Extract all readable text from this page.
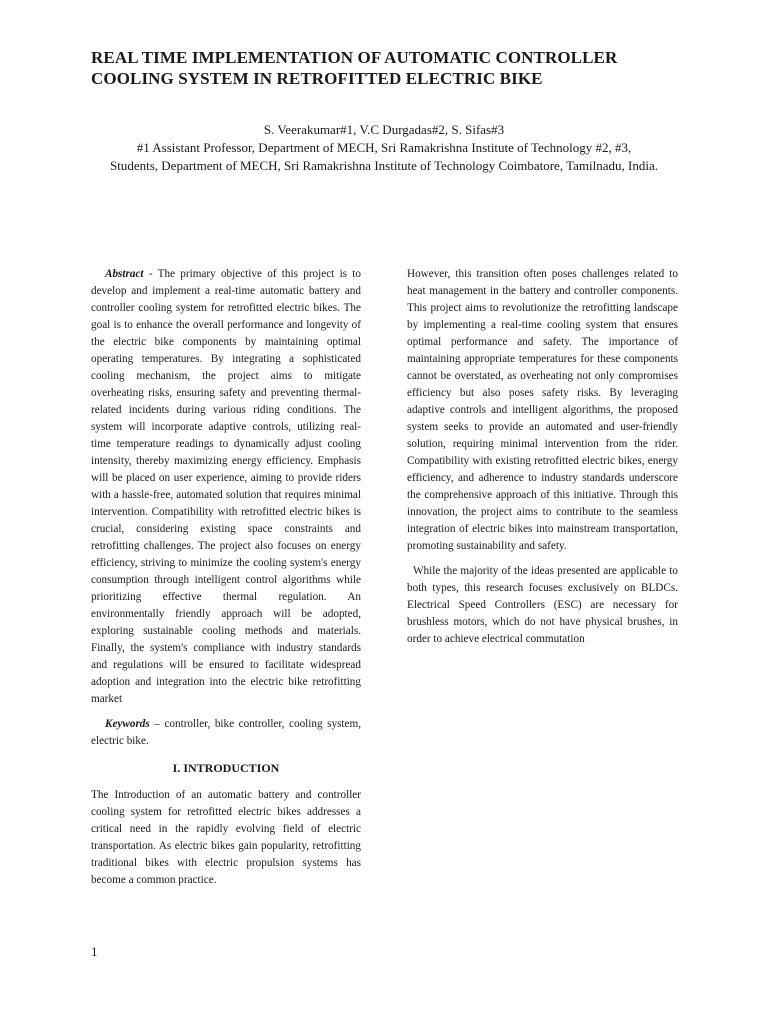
REAL TIME IMPLEMENTATION OF AUTOMATIC CONTROLLER
COOLING SYSTEM IN RETROFITTED ELECTRIC BIKE
S. Veerakumar#1, V.C Durgadas#2, S. Sifas#3
#1 Assistant Professor, Department of MECH, Sri Ramakrishna Institute of Technology #2, #3,
Students, Department of MECH, Sri Ramakrishna Institute of Technology Coimbatore, Tamilnadu, India.

Abstract - The primary objective of this project is to develop and implement a real-time automatic battery and controller cooling system for retrofitted electric bikes. The goal is to enhance the overall performance and longevity of the electric bike components by maintaining optimal operating temperatures. By integrating a sophisticated cooling mechanism, the project aims to mitigate overheating risks, ensuring safety and preventing thermal-related incidents during various riding conditions. The system will incorporate adaptive controls, utilizing real-time temperature readings to dynamically adjust cooling intensity, thereby maximizing energy efficiency. Emphasis will be placed on user experience, aiming to provide riders with a hassle-free, automated solution that requires minimal intervention. Compatibility with retrofitted electric bikes is crucial, considering existing space constraints and retrofitting challenges. The project also focuses on energy efficiency, striving to minimize the cooling system's energy consumption through intelligent control algorithms while prioritizing effective thermal regulation. An environmentally friendly approach will be adopted, exploring sustainable cooling methods and materials. Finally, the system's compliance with industry standards and regulations will be ensured to facilitate widespread adoption and integration into the electric bike retrofitting market

Keywords – controller, bike controller, cooling system, electric bike.

I. INTRODUCTION

The Introduction of an automatic battery and controller cooling system for retrofitted electric bikes addresses a critical need in the rapidly evolving field of electric transportation. As electric bikes gain popularity, retrofitting traditional bikes with electric propulsion systems has become a common practice.

However, this transition often poses challenges related to heat management in the battery and controller components. This project aims to revolutionize the retrofitting landscape by implementing a real-time cooling system that ensures optimal performance and safety. The importance of maintaining appropriate temperatures for these components cannot be overstated, as overheating not only compromises efficiency but also poses safety risks. By leveraging adaptive controls and intelligent algorithms, the proposed system seeks to provide an automated and user-friendly solution, requiring minimal intervention from the rider. Compatibility with existing retrofitted electric bikes, energy efficiency, and adherence to industry standards underscore the comprehensive approach of this initiative. Through this innovation, the project aims to contribute to the seamless integration of electric bikes into mainstream transportation, promoting sustainability and safety.

While the majority of the ideas presented are applicable to both types, this research focuses exclusively on BLDCs. Electrical Speed Controllers (ESC) are necessary for brushless motors, which do not have physical brushes, in order to achieve electrical commutation

1
